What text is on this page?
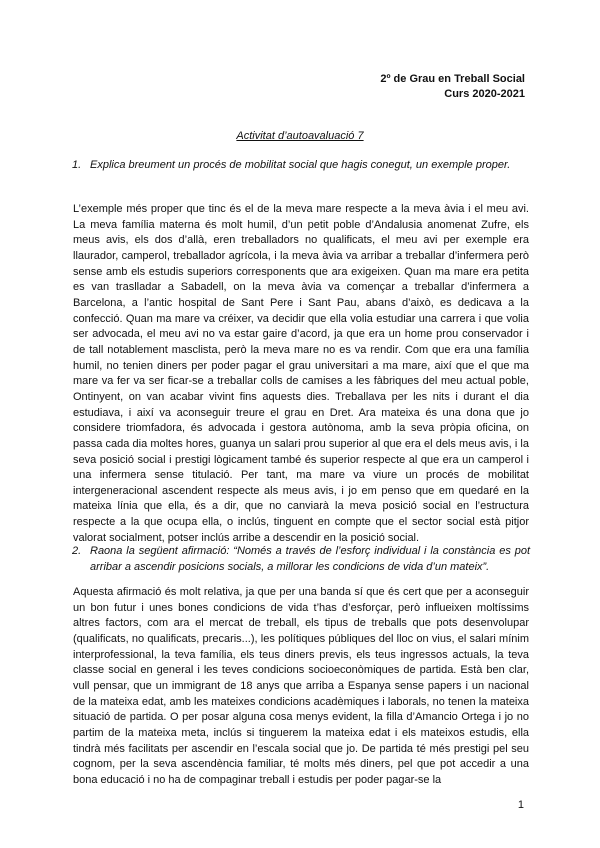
2º de Grau en Treball Social
Curs 2020-2021
Activitat d’autoavaluació 7
1. Explica breument un procés de mobilitat social que hagis conegut, un exemple proper.
L’exemple més proper que tinc és el de la meva mare respecte a la meva àvia i el meu avi. La meva família materna és molt humil, d’un petit poble d’Andalusia anomenat Zufre, els meus avis, els dos d’allà, eren treballadors no qualificats, el meu avi per exemple era llaurador, camperol, treballador agrícola, i la meva àvia va arribar a treballar d’infermera però sense amb els estudis superiors corresponents que ara exigeixen. Quan ma mare era petita es van traslladar a Sabadell, on la meva àvia va començar a treballar d’infermera a Barcelona, a l’antic hospital de Sant Pere i Sant Pau, abans d’això, es dedicava a la confecció. Quan ma mare va créixer, va decidir que ella volia estudiar una carrera i que volia ser advocada, el meu avi no va estar gaire d’acord, ja que era un home prou conservador i de tall notablement masclista, però la meva mare no es va rendir. Com que era una família humil, no tenien diners per poder pagar el grau universitari a ma mare, així que el que ma mare va fer va ser ficar-se a treballar colls de camises a les fàbriques del meu actual poble, Ontinyent, on van acabar vivint fins aquests dies. Treballava per les nits i durant el dia estudiava, i així va aconseguir treure el grau en Dret. Ara mateixa és una dona que jo considere triomfadora, és advocada i gestora autònoma, amb la seva pròpia oficina, on passa cada dia moltes hores, guanya un salari prou superior al que era el dels meus avis, i la seva posició social i prestigi lògicament també és superior respecte al que era un camperol i una infermera sense titulació. Per tant, ma mare va viure un procés de mobilitat intergeneracional ascendent respecte als meus avis, i jo em penso que em quedaré en la mateixa línia que ella, és a dir, que no canviarà la meva posició social en l’estructura respecte a la que ocupa ella, o inclús, tinguent en compte que el sector social està pitjor valorat socialment, potser inclús arribe a descendir en la posició social.
2. Raona la següent afirmació: “Només a través de l’esforç individual i la constància es pot arribar a ascendir posicions socials, a millorar les condicions de vida d’un mateix”.
Aquesta afirmació és molt relativa, ja que per una banda sí que és cert que per a aconseguir un bon futur i unes bones condicions de vida t’has d’esforçar, però influeixen moltíssims altres factors, com ara el mercat de treball, els tipus de treballs que pots desenvolupar (qualificats, no qualificats, precaris...), les polítiques públiques del lloc on vius, el salari mínim interprofessional, la teva família, els teus diners previs, els teus ingressos actuals, la teva classe social en general i les teves condicions socioeconòmiques de partida. Està ben clar, vull pensar, que un immigrant de 18 anys que arriba a Espanya sense papers i un nacional de la mateixa edat, amb les mateixes condicions acadèmiques i laborals, no tenen la mateixa situació de partida. O per posar alguna cosa menys evident, la filla d’Amancio Ortega i jo no partim de la mateixa meta, inclús si tinguerem la mateixa edat i els mateixos estudis, ella tindrà més facilitats per ascendir en l’escala social que jo. De partida té més prestigi pel seu cognom, per la seva ascendència familiar, té molts més diners, pel que pot accedir a una bona educació i no ha de compaginar treball i estudis per poder pagar-se la
1
